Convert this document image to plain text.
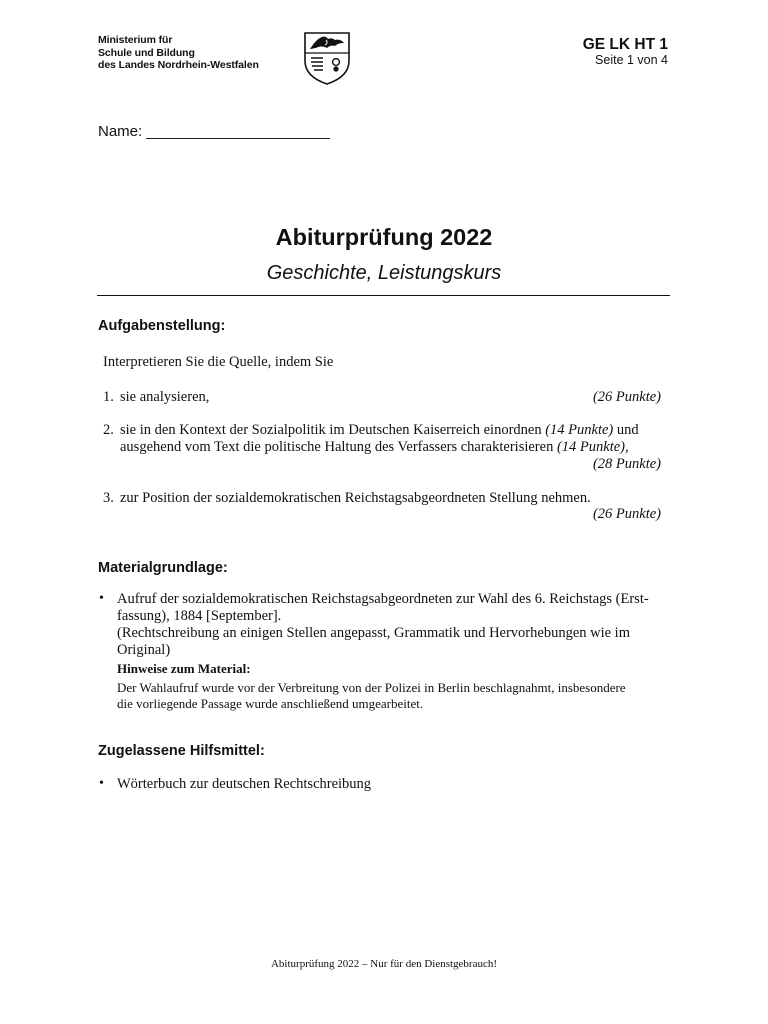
Ministerium für
Schule und Bildung
des Landes Nordrhein-Westfalen
GE LK HT 1
Seite 1 von 4
Name: ______________________
Abiturprüfung 2022
Geschichte, Leistungskurs
Aufgabenstellung:
Interpretieren Sie die Quelle, indem Sie
1. sie analysieren,	(26 Punkte)
2. sie in den Kontext der Sozialpolitik im Deutschen Kaiserreich einordnen (14 Punkte) und
ausgehend vom Text die politische Haltung des Verfassers charakterisieren (14 Punkte),
(28 Punkte)
3. zur Position der sozialdemokratischen Reichstagsabgeordneten Stellung nehmen.
(26 Punkte)
Materialgrundlage:
• Aufruf der sozialdemokratischen Reichstagsabgeordneten zur Wahl des 6. Reichstags (Erst-
fassung), 1884 [September].
(Rechtschreibung an einigen Stellen angepasst, Grammatik und Hervorhebungen wie im
Original)
Hinweise zum Material:
Der Wahlaufruf wurde vor der Verbreitung von der Polizei in Berlin beschlagnahmt, insbesondere
die vorliegende Passage wurde anschließend umgearbeitet.
Zugelassene Hilfsmittel:
• Wörterbuch zur deutschen Rechtschreibung
Abiturprüfung 2022 – Nur für den Dienstgebrauch!
